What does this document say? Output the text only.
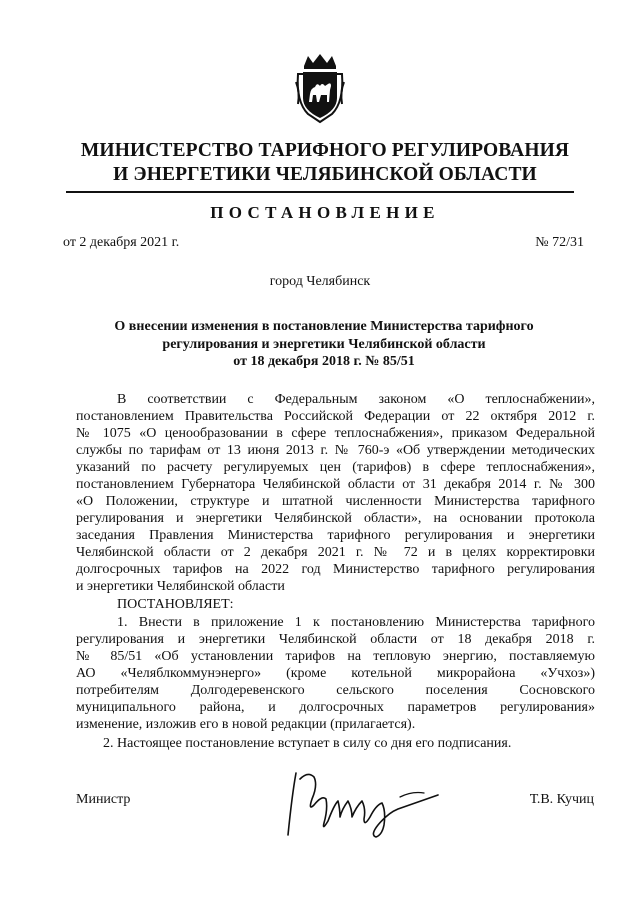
МИНИСТЕРСТВО ТАРИФНОГО РЕГУЛИРОВАНИЯ
И ЭНЕРГЕТИКИ ЧЕЛЯБИНСКОЙ ОБЛАСТИ
ПОСТАНОВЛЕНИЕ
от 2 декабря 2021 г.	№ 72/31
город Челябинск
О внесении изменения в постановление Министерства тарифного
регулирования и энергетики Челябинской области
от 18 декабря 2018 г. № 85/51
В соответствии с Федеральным законом «О теплоснабжении»,
постановлением Правительства Российской Федерации от 22 октября 2012 г.
№ 1075 «О ценообразовании в сфере теплоснабжения», приказом Федеральной
службы по тарифам от 13 июня 2013 г. № 760-э «Об утверждении методических
указаний по расчету регулируемых цен (тарифов) в сфере теплоснабжения»,
постановлением Губернатора Челябинской области от 31 декабря 2014 г. № 300
«О Положении, структуре и штатной численности Министерства тарифного
регулирования и энергетики Челябинской области», на основании протокола
заседания Правления Министерства тарифного регулирования и энергетики
Челябинской области от 2 декабря 2021 г. № 72 и в целях корректировки
долгосрочных тарифов на 2022 год Министерство тарифного регулирования
и энергетики Челябинской области
ПОСТАНОВЛЯЕТ:
1. Внести в приложение 1 к постановлению Министерства тарифного
регулирования и энергетики Челябинской области от 18 декабря 2018 г.
№ 85/51 «Об установлении тарифов на тепловую энергию, поставляемую
АО «Челяблкоммунэнерго» (кроме котельной микрорайона «Учхоз»)
потребителям Долгодеревенского сельского поселения Сосновского
муниципального района, и долгосрочных параметров регулирования»
изменение, изложив его в новой редакции (прилагается).
2. Настоящее постановление вступает в силу со дня его подписания.
Министр	Т.В. Кучиц
